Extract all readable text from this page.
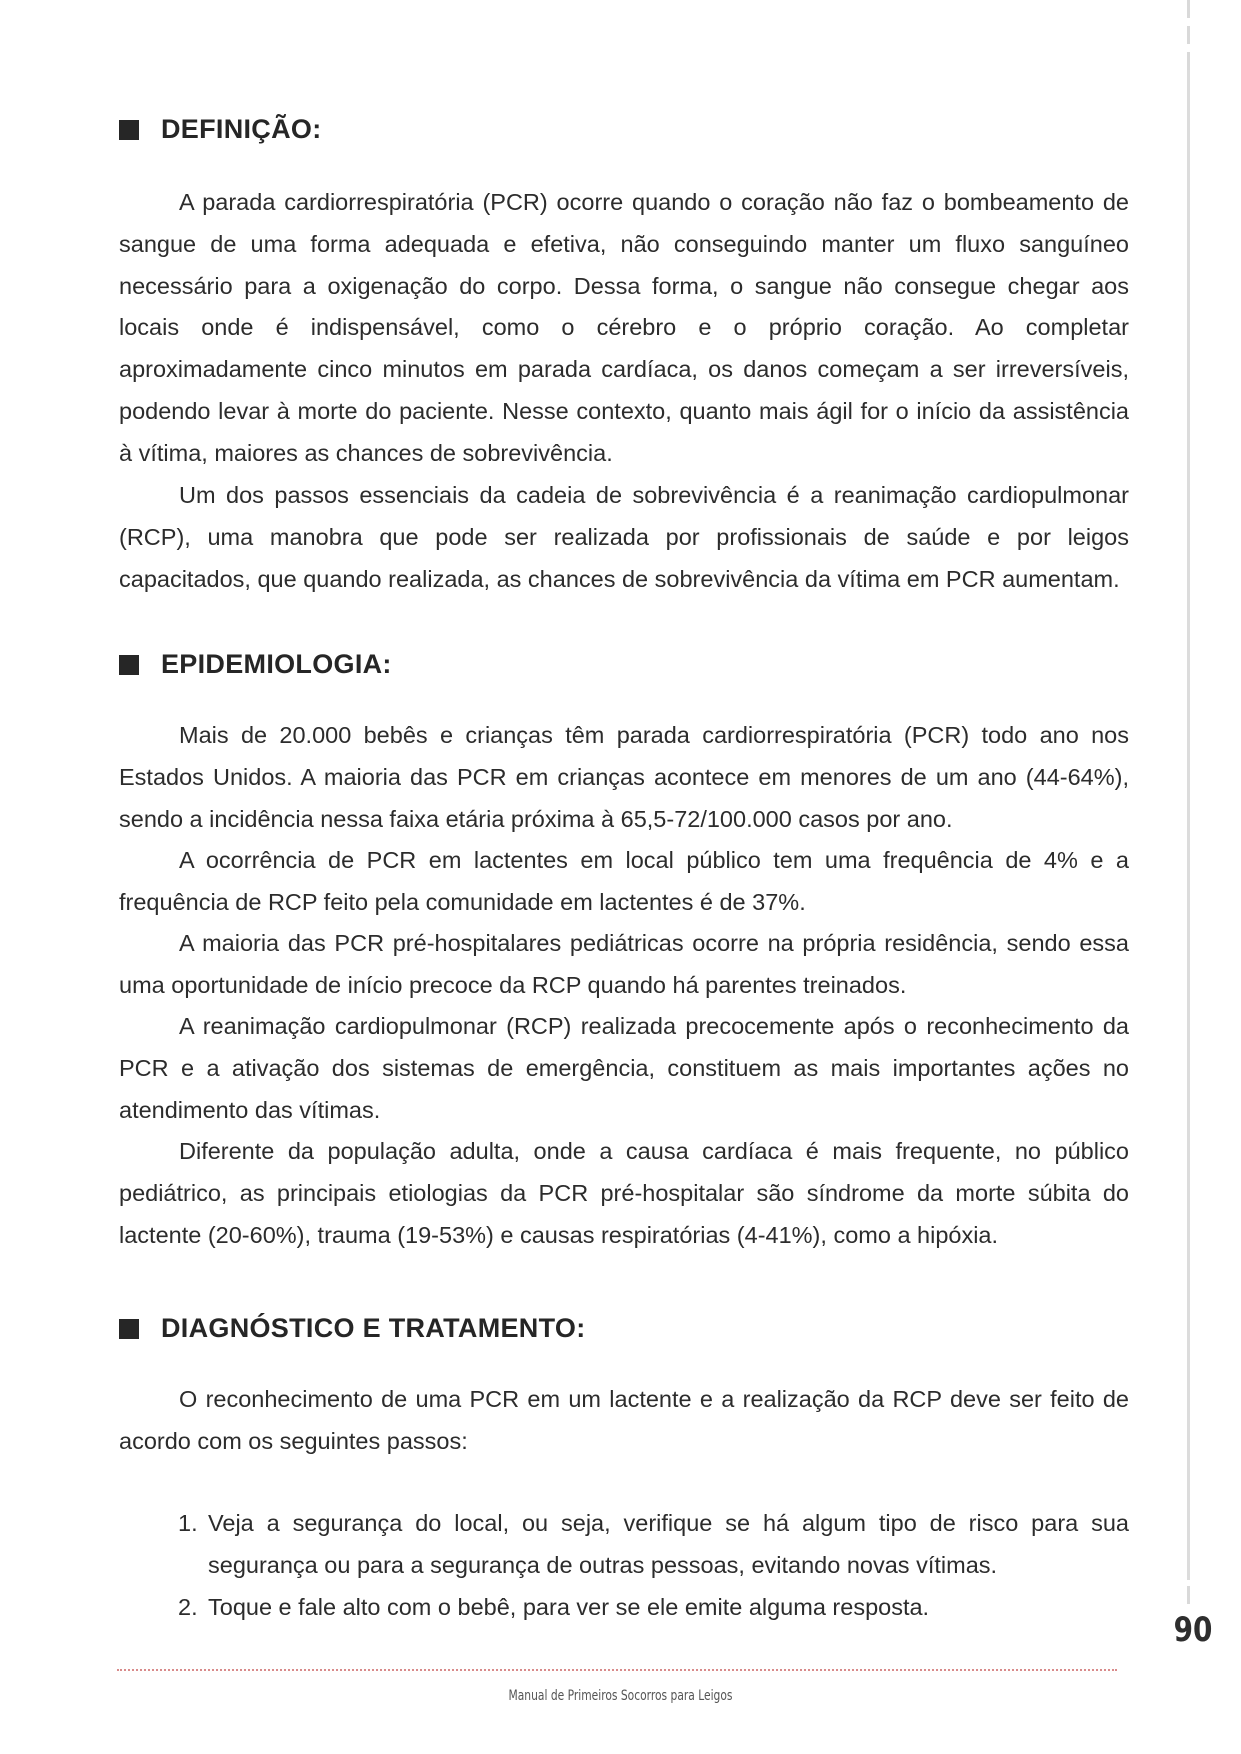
DEFINIÇÃO:

A parada cardiorrespiratória (PCR) ocorre quando o coração não faz o bombeamento de sangue de uma forma adequada e efetiva, não conseguindo manter um fluxo sanguíneo necessário para a oxigenação do corpo. Dessa forma, o sangue não consegue chegar aos locais onde é indispensável, como o cérebro e o próprio coração. Ao completar aproximadamente cinco minutos em parada cardíaca, os danos começam a ser irreversíveis, podendo levar à morte do paciente. Nesse contexto, quanto mais ágil for o início da assistência à vítima, maiores as chances de sobrevivência.

Um dos passos essenciais da cadeia de sobrevivência é a reanimação cardiopulmonar (RCP), uma manobra que pode ser realizada por profissionais de saúde e por leigos capacitados, que quando realizada, as chances de sobrevivência da vítima em PCR aumentam.

EPIDEMIOLOGIA:

Mais de 20.000 bebês e crianças têm parada cardiorrespiratória (PCR) todo ano nos Estados Unidos. A maioria das PCR em crianças acontece em menores de um ano (44-64%), sendo a incidência nessa faixa etária próxima à 65,5-72/100.000 casos por ano.

A ocorrência de PCR em lactentes em local público tem uma frequência de 4% e a frequência de RCP feito pela comunidade em lactentes é de 37%.

A maioria das PCR pré-hospitalares pediátricas ocorre na própria residência, sendo essa uma oportunidade de início precoce da RCP quando há parentes treinados.

A reanimação cardiopulmonar (RCP) realizada precocemente após o reconhecimento da PCR e a ativação dos sistemas de emergência, constituem as mais importantes ações no atendimento das vítimas.

Diferente da população adulta, onde a causa cardíaca é mais frequente, no público pediátrico, as principais etiologias da PCR pré-hospitalar são síndrome da morte súbita do lactente (20-60%), trauma (19-53%) e causas respiratórias (4-41%), como a hipóxia.

DIAGNÓSTICO E TRATAMENTO:

O reconhecimento de uma PCR em um lactente e a realização da RCP deve ser feito de acordo com os seguintes passos:

1. Veja a segurança do local, ou seja, verifique se há algum tipo de risco para sua segurança ou para a segurança de outras pessoas, evitando novas vítimas.
2. Toque e fale alto com o bebê, para ver se ele emite alguma resposta.
90
Manual de Primeiros Socorros para Leigos
